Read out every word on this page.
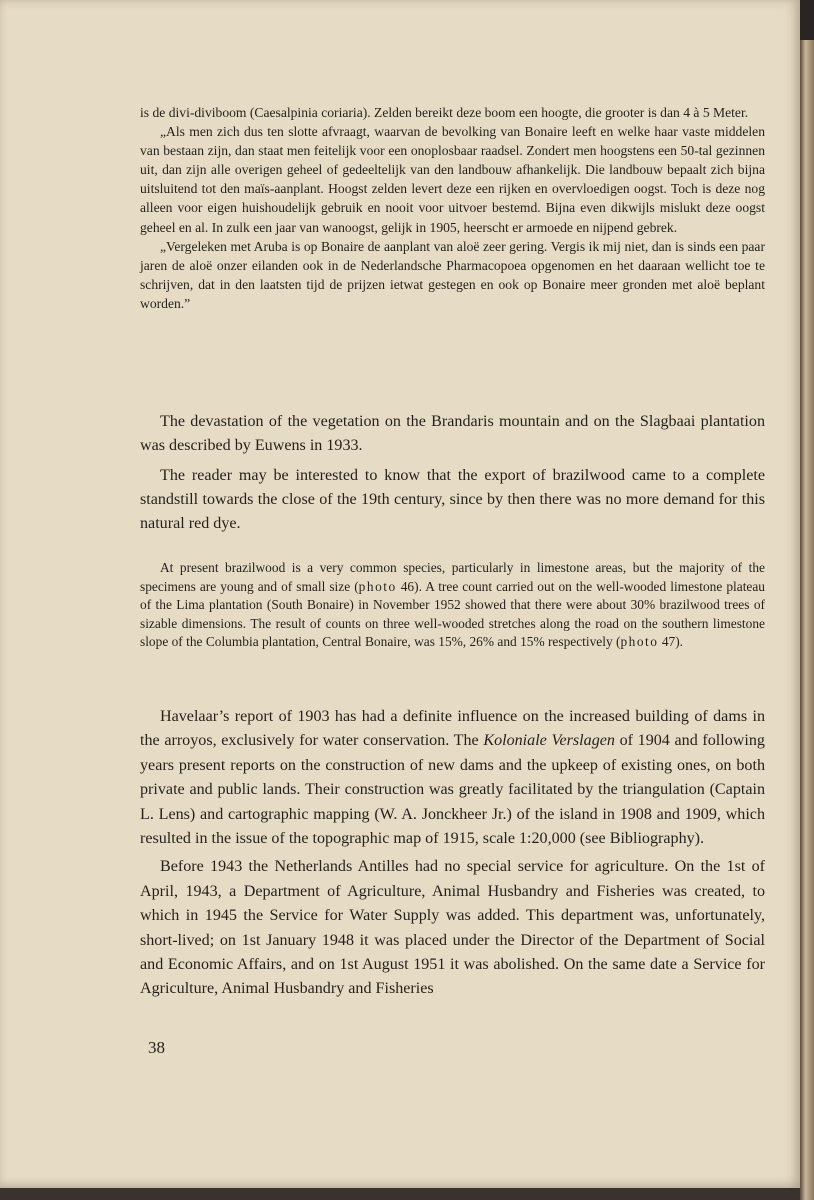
is de divi-diviboom (Caesalpinia coriaria). Zelden bereikt deze boom een hoogte, die grooter is dan 4 à 5 Meter.

„Als men zich dus ten slotte afvraagt, waarvan de bevolking van Bonaire leeft en welke haar vaste middelen van bestaan zijn, dan staat men feitelijk voor een onoplosbaar raadsel. Zondert men hoogstens een 50-tal gezinnen uit, dan zijn alle overigen geheel of gedeeltelijk van den landbouw afhankelijk. Die landbouw bepaalt zich bijna uitsluitend tot den maïs-aanplant. Hoogst zelden levert deze een rijken en overvloedigen oogst. Toch is deze nog alleen voor eigen huishoudelijk gebruik en nooit voor uitvoer bestemd. Bijna even dikwijls mislukt deze oogst geheel en al. In zulk een jaar van wanoogst, gelijk in 1905, heerscht er armoede en nijpend gebrek.

„Vergeleken met Aruba is op Bonaire de aanplant van aloë zeer gering. Vergis ik mij niet, dan is sinds een paar jaren de aloë onzer eilanden ook in de Nederlandsche Pharmacopoea opgenomen en het daaraan wellicht toe te schrijven, dat in den laatsten tijd de prijzen ietwat gestegen en ook op Bonaire meer gronden met aloë beplant worden.”

The devastation of the vegetation on the Brandaris mountain and on the Slagbaai plantation was described by Euwens in 1933.

The reader may be interested to know that the export of brazilwood came to a complete standstill towards the close of the 19th century, since by then there was no more demand for this natural red dye.

At present brazilwood is a very common species, particularly in limestone areas, but the majority of the specimens are young and of small size (photo 46). A tree count carried out on the well-wooded limestone plateau of the Lima plantation (South Bonaire) in November 1952 showed that there were about 30% brazilwood trees of sizable dimensions. The result of counts on three well-wooded stretches along the road on the southern limestone slope of the Columbia plantation, Central Bonaire, was 15%, 26% and 15% respectively (photo 47).

Havelaar’s report of 1903 has had a definite influence on the increased building of dams in the arroyos, exclusively for water conservation. The Koloniale Verslagen of 1904 and following years present reports on the construction of new dams and the upkeep of existing ones, on both private and public lands. Their construction was greatly facilitated by the triangulation (Captain L. Lens) and cartographic mapping (W. A. Jonckheer Jr.) of the island in 1908 and 1909, which resulted in the issue of the topographic map of 1915, scale 1:20,000 (see Bibliography).

Before 1943 the Netherlands Antilles had no special service for agriculture. On the 1st of April, 1943, a Department of Agriculture, Animal Husbandry and Fisheries was created, to which in 1945 the Service for Water Supply was added. This department was, unfortunately, short-lived; on 1st January 1948 it was placed under the Director of the Department of Social and Economic Affairs, and on 1st August 1951 it was abolished. On the same date a Service for Agriculture, Animal Husbandry and Fisheries

38
